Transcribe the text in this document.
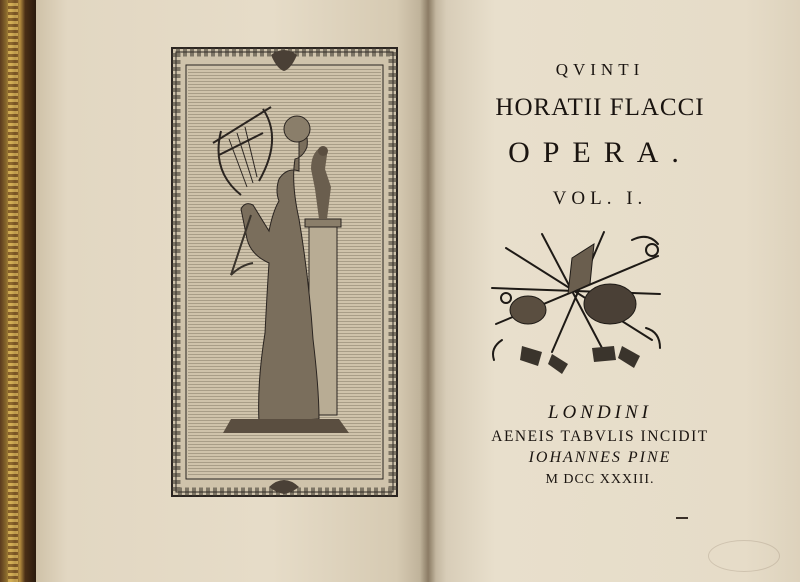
QVINTI
HORATII FLACCI
OPERA.
VOL. I.
LONDINI
AENEIS TABVLIS INCIDIT
IOHANNES PINE
M DCC XXXIII.
